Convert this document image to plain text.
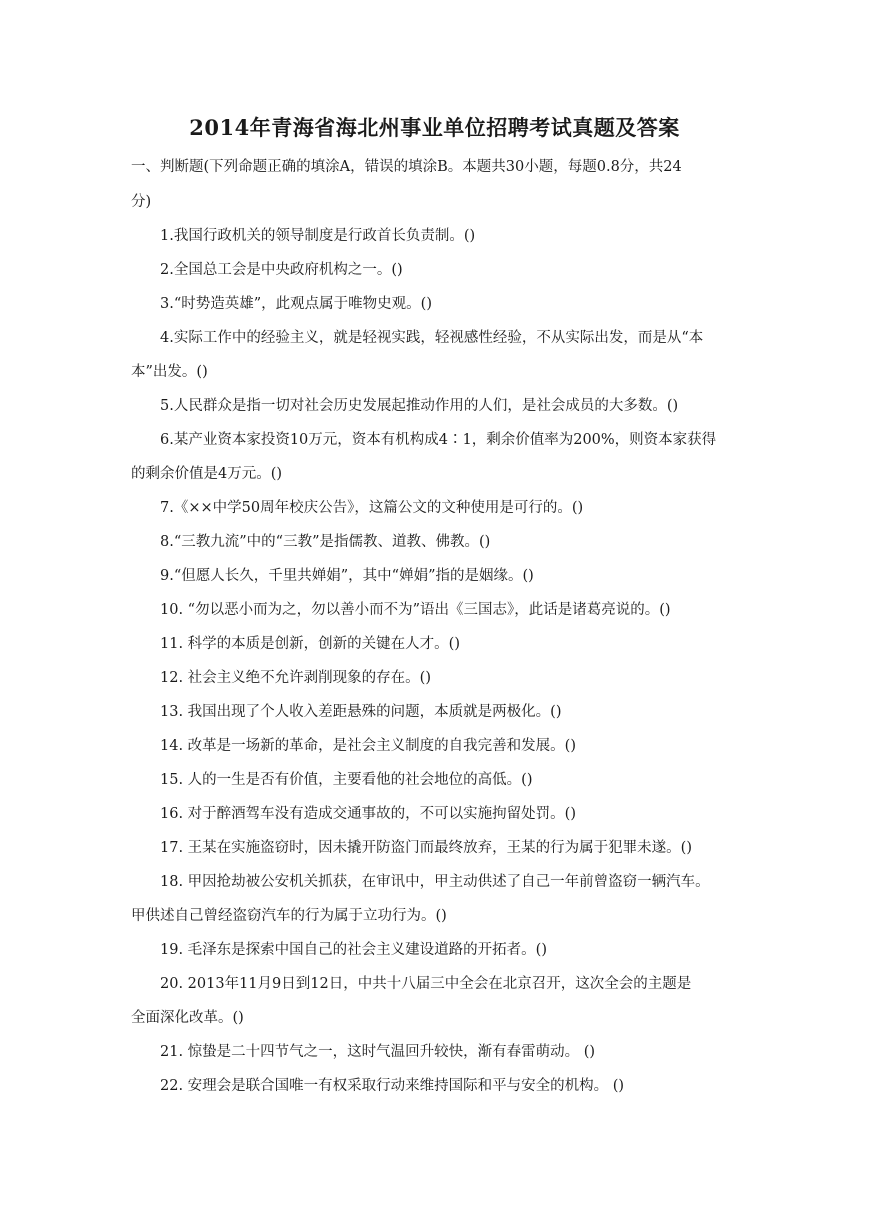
2014年青海省海北州事业单位招聘考试真题及答案

一、判断题(下列命题正确的填涂A，错误的填涂B。本题共30小题，每题0.8分，共24

分)

1.我国行政机关的领导制度是行政首长负责制。()

2.全国总工会是中央政府机构之一。()

3.“时势造英雄”，此观点属于唯物史观。()

4.实际工作中的经验主义，就是轻视实践，轻视感性经验，不从实际出发，而是从“本

本”出发。()

5.人民群众是指一切对社会历史发展起推动作用的人们，是社会成员的大多数。()

6.某产业资本家投资10万元，资本有机构成4∶1，剩余价值率为200%，则资本家获得

的剩余价值是4万元。()

7.《××中学50周年校庆公告》，这篇公文的文种使用是可行的。()

8.“三教九流”中的“三教”是指儒教、道教、佛教。()

9.“但愿人长久，千里共婵娟”，其中“婵娟”指的是姻缘。()

10. “勿以恶小而为之，勿以善小而不为”语出《三国志》，此话是诸葛亮说的。()

11. 科学的本质是创新，创新的关键在人才。()

12. 社会主义绝不允许剥削现象的存在。()

13. 我国出现了个人收入差距悬殊的问题，本质就是两极化。()

14. 改革是一场新的革命，是社会主义制度的自我完善和发展。()

15. 人的一生是否有价值，主要看他的社会地位的高低。()

16. 对于醉酒驾车没有造成交通事故的，不可以实施拘留处罚。()

17. 王某在实施盗窃时，因未撬开防盗门而最终放弃，王某的行为属于犯罪未遂。()

18. 甲因抢劫被公安机关抓获，在审讯中，甲主动供述了自己一年前曾盗窃一辆汽车。

甲供述自己曾经盗窃汽车的行为属于立功行为。()

19. 毛泽东是探索中国自己的社会主义建设道路的开拓者。()

20. 2013年11月9日到12日，中共十八届三中全会在北京召开，这次全会的主题是

全面深化改革。()

21. 惊蛰是二十四节气之一，这时气温回升较快，渐有春雷萌动。 ()

22. 安理会是联合国唯一有权采取行动来维持国际和平与安全的机构。 ()
